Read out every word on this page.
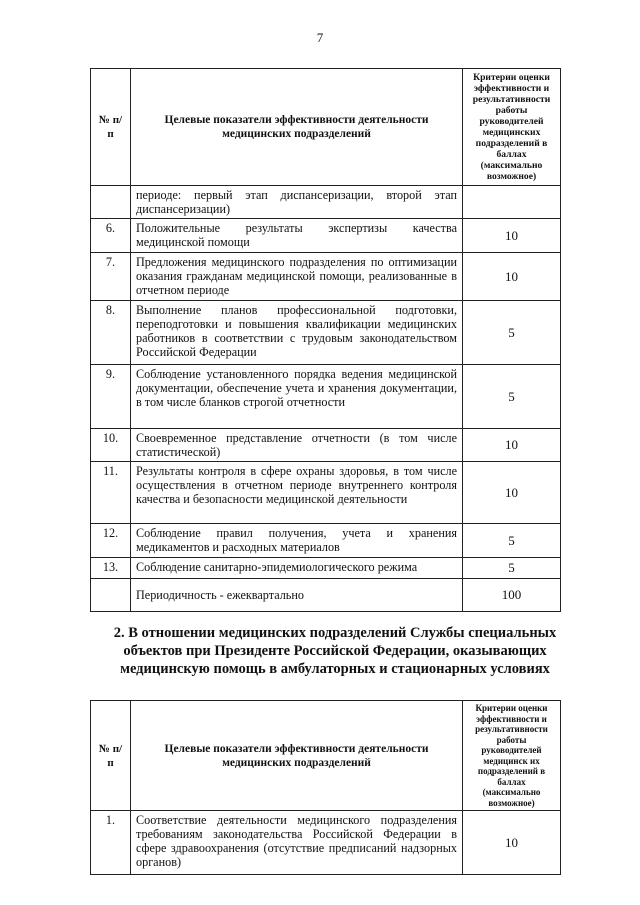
7
№ п/п	Целевые показатели эффективности деятельности медицинских подразделений	Критерии оценки эффективности и результативности работы руководителей медицинских подразделений в баллах (максимально возможное)
	периоде: первый этап диспансеризации, второй этап диспансеризации)	
6.	Положительные результаты экспертизы качества медицинской помощи	10
7.	Предложения медицинского подразделения по оптимизации оказания гражданам медицинской помощи, реализованные в отчетном периоде	10
8.	Выполнение планов профессиональной подготовки, переподготовки и повышения квалификации медицинских работников в соответствии с трудовым законодательством Российской Федерации	5
9.	Соблюдение установленного порядка ведения медицинской документации, обеспечение учета и хранения документации, в том числе бланков строгой отчетности	5
10.	Своевременное представление отчетности (в том числе статистической)	10
11.	Результаты контроля в сфере охраны здоровья, в том числе осуществления в отчетном периоде внутреннего контроля качества и безопасности медицинской деятельности	10
12.	Соблюдение правил получения, учета и хранения медикаментов и расходных материалов	5
13.	Соблюдение санитарно-эпидемиологического режима	5
	Периодичность - ежеквартально	100
2. В отношении медицинских подразделений Службы специальных объектов при Президенте Российской Федерации, оказывающих медицинскую помощь в амбулаторных и стационарных условиях
№ п/п	Целевые показатели эффективности деятельности медицинских подразделений	Критерии оценки эффективности и результативности работы руководителей медицинск их подразделений в баллах (максимально возможное)
1.	Соответствие деятельности медицинского подразделения требованиям законодательства Российской Федерации в сфере здравоохранения (отсутствие предписаний надзорных органов)	10
